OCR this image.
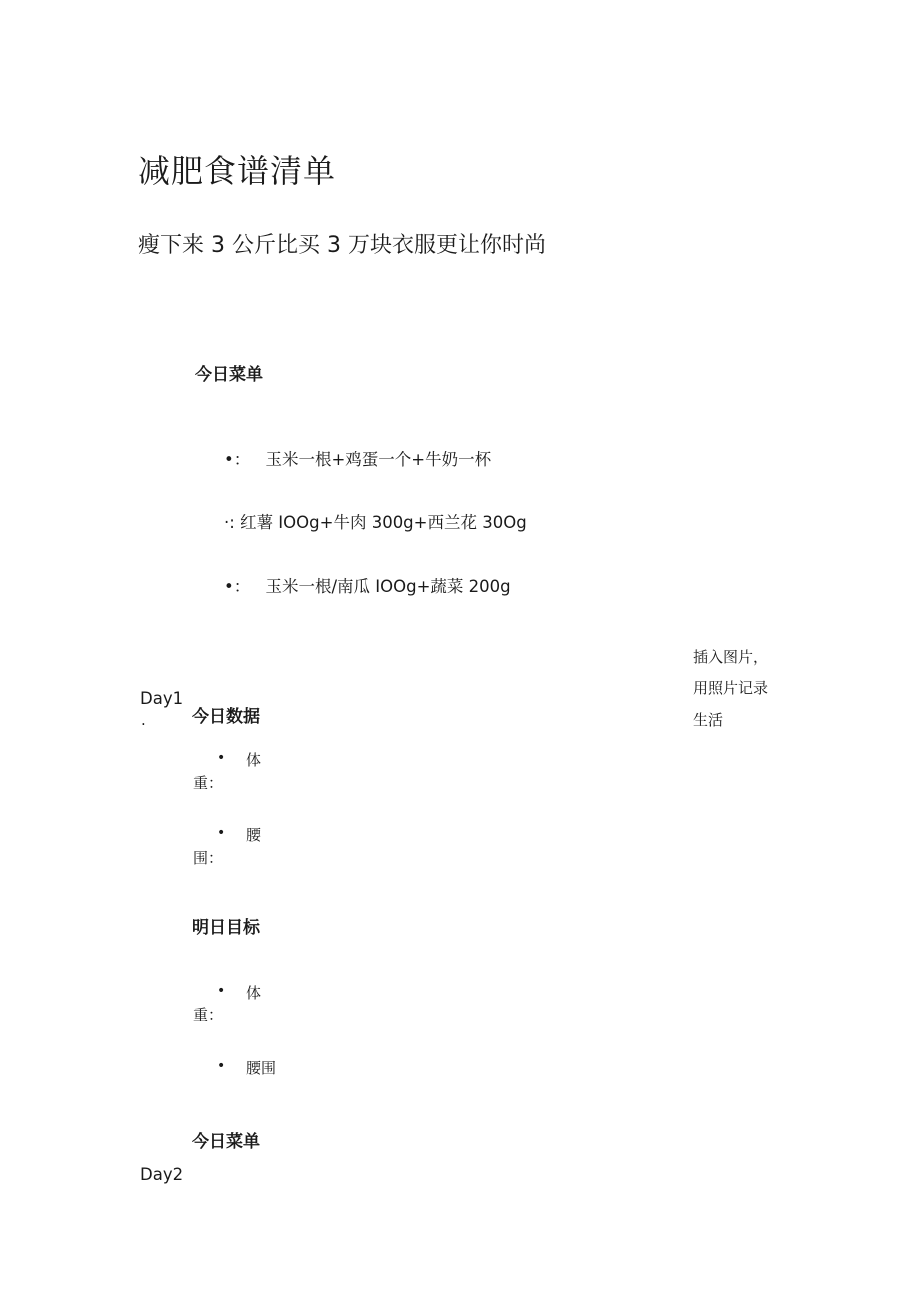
减肥食谱清单
瘦下来 3 公斤比买 3 万块衣服更让你时尚
今日菜单
•： 玉米一根+鸡蛋一个+牛奶一杯
·: 红薯 IOOg+牛肉 300g+西兰花 30Og
•： 玉米一根/南瓜 IOOg+蔬菜 200g
插入图片，
用照片记录
生活
Day1
.	今日数据
• 体
重：
• 腰
围：
明日目标
• 体
重：
• 腰围
今日菜单
Day2
